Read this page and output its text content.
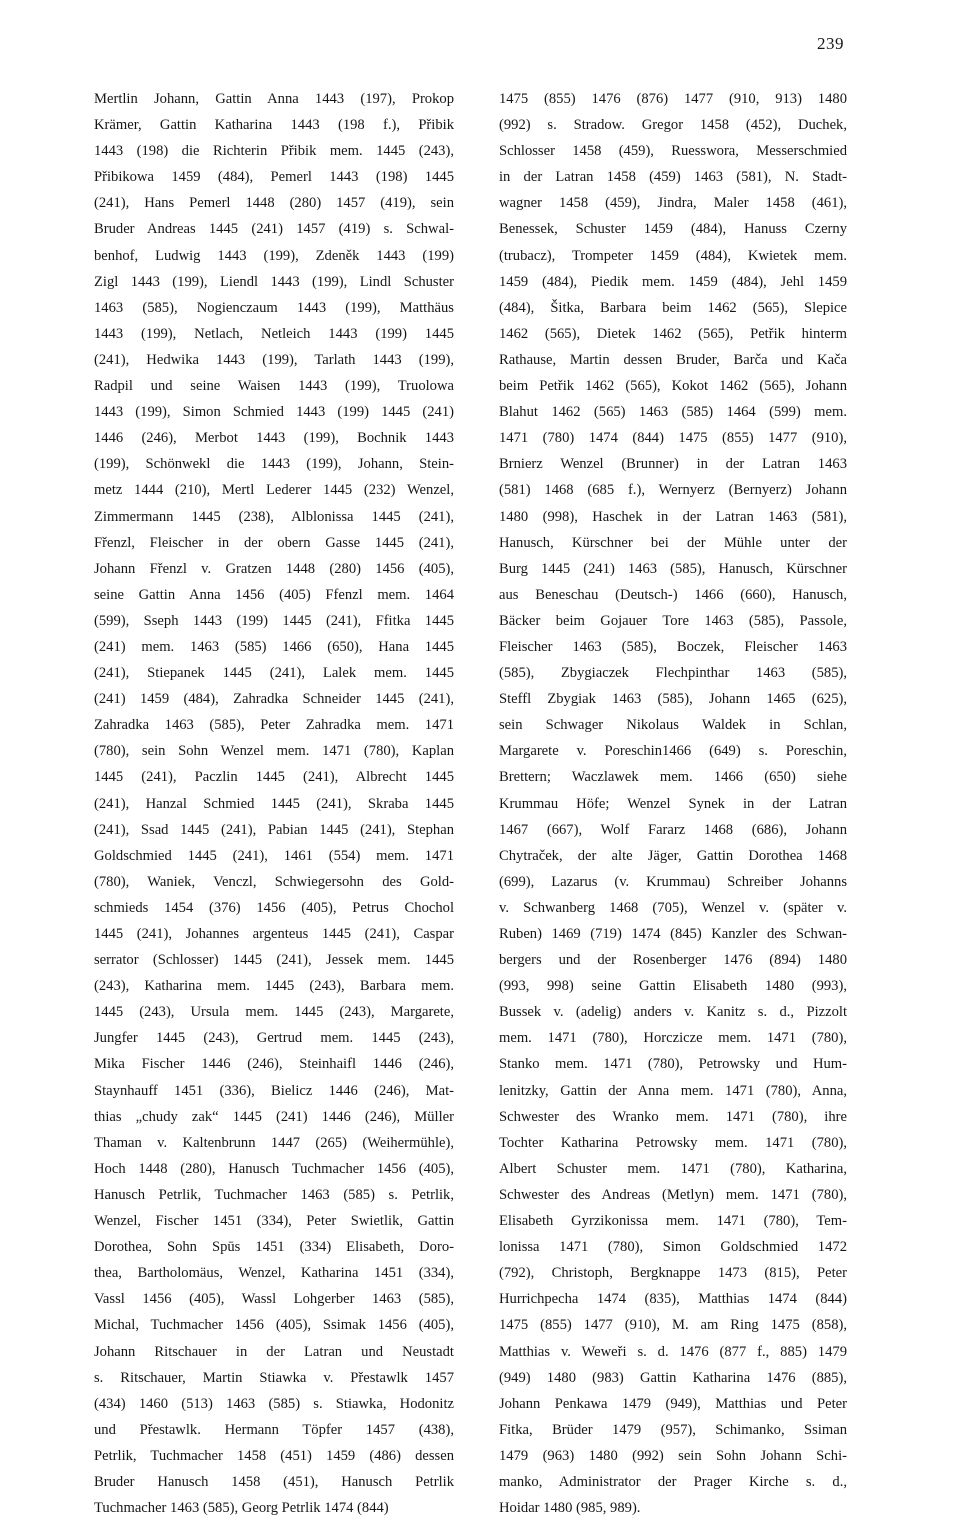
239
Mertlin Johann, Gattin Anna 1443 (197), Prokop
Krämer, Gattin Katharina 1443 (198 f.), Přibik
1443 (198) die Richterin Přibik mem. 1445 (243),
Přibikowa 1459 (484), Pemerl 1443 (198) 1445
(241), Hans Pemerl 1448 (280) 1457 (419), sein
Bruder Andreas 1445 (241) 1457 (419) s. Schwal-
benhof, Ludwig 1443 (199), Zdeněk 1443 (199)
Zigl 1443 (199), Liendl 1443 (199), Lindl Schuster
1463 (585), Nogienczaum 1443 (199), Matthäus
1443 (199), Netlach, Netleich 1443 (199) 1445
(241), Hedwika 1443 (199), Tarlath 1443 (199),
Radpil und seine Waisen 1443 (199), Truolowa
1443 (199), Simon Schmied 1443 (199) 1445 (241)
1446 (246), Merbot 1443 (199), Bochnik 1443
(199), Schönwekl die 1443 (199), Johann, Stein-
metz 1444 (210), Mertl Lederer 1445 (232) Wenzel,
Zimmermann 1445 (238), Alblonissa 1445 (241),
Fřenzl, Fleischer in der obern Gasse 1445 (241),
Johann Fřenzl v. Gratzen 1448 (280) 1456 (405),
seine Gattin Anna 1456 (405) Ffenzl mem. 1464
(599), Sseph 1443 (199) 1445 (241), Ffitka 1445
(241) mem. 1463 (585) 1466 (650), Hana 1445
(241), Stiepanek 1445 (241), Lalek mem. 1445
(241) 1459 (484), Zahradka Schneider 1445 (241),
Zahradka 1463 (585), Peter Zahradka mem. 1471
(780), sein Sohn Wenzel mem. 1471 (780), Kaplan
1445 (241), Paczlin 1445 (241), Albrecht 1445
(241), Hanzal Schmied 1445 (241), Skraba 1445
(241), Ssad 1445 (241), Pabian 1445 (241), Stephan
Goldschmied 1445 (241), 1461 (554) mem. 1471
(780), Waniek, Venczl, Schwiegersohn des Gold-
schmieds 1454 (376) 1456 (405), Petrus Chochol
1445 (241), Johannes argenteus 1445 (241), Caspar
serrator (Schlosser) 1445 (241), Jessek mem. 1445
(243), Katharina mem. 1445 (243), Barbara mem.
1445 (243), Ursula mem. 1445 (243), Margarete,
Jungfer 1445 (243), Gertrud mem. 1445 (243),
Mika Fischer 1446 (246), Steinhaifl 1446 (246),
Staynhauff 1451 (336), Bielicz 1446 (246), Mat-
thias „chudy zak“ 1445 (241) 1446 (246), Müller
Thaman v. Kaltenbrunn 1447 (265) (Weihermühle),
Hoch 1448 (280), Hanusch Tuchmacher 1456 (405),
Hanusch Petrlik, Tuchmacher 1463 (585) s. Petrlik,
Wenzel, Fischer 1451 (334), Peter Swietlik, Gattin
Dorothea, Sohn Spūs 1451 (334) Elisabeth, Doro-
thea, Bartholomäus, Wenzel, Katharina 1451 (334),
Vassl 1456 (405), Wassl Lohgerber 1463 (585),
Michal, Tuchmacher 1456 (405), Ssimak 1456 (405),
Johann Ritschauer in der Latran und Neustadt
s. Ritschauer, Martin Stiawka v. Přestawlk 1457
(434) 1460 (513) 1463 (585) s. Stiawka, Hodonitz
und Přestawlk. Hermann Töpfer 1457 (438),
Petrlik, Tuchmacher 1458 (451) 1459 (486) dessen
Bruder Hanusch 1458 (451), Hanusch Petrlik
Tuchmacher 1463 (585), Georg Petrlik 1474 (844)
1475 (855) 1476 (876) 1477 (910, 913) 1480
(992) s. Stradow. Gregor 1458 (452), Duchek,
Schlosser 1458 (459), Ruesswora, Messerschmied
in der Latran 1458 (459) 1463 (581), N. Stadt-
wagner 1458 (459), Jindra, Maler 1458 (461),
Benessek, Schuster 1459 (484), Hanuss Czerny
(trubacz), Trompeter 1459 (484), Kwietek mem.
1459 (484), Piedik mem. 1459 (484), Jehl 1459
(484), Šitka, Barbara beim 1462 (565), Slepice
1462 (565), Dietek 1462 (565), Petřik hinterm
Rathause, Martin dessen Bruder, Barča und Kača
beim Petřik 1462 (565), Kokot 1462 (565), Johann
Blahut 1462 (565) 1463 (585) 1464 (599) mem.
1471 (780) 1474 (844) 1475 (855) 1477 (910),
Brnierz Wenzel (Brunner) in der Latran 1463
(581) 1468 (685 f.), Wernyerz (Bernyerz) Johann
1480 (998), Haschek in der Latran 1463 (581),
Hanusch, Kürschner bei der Mühle unter der
Burg 1445 (241) 1463 (585), Hanusch, Kürschner
aus Beneschau (Deutsch-) 1466 (660), Hanusch,
Bäcker beim Gojauer Tore 1463 (585), Passole,
Fleischer 1463 (585), Boczek, Fleischer 1463
(585), Zbygiaczek Flechpinthar 1463 (585),
Steffl Zbygiak 1463 (585), Johann 1465 (625),
sein Schwager Nikolaus Waldek in Schlan,
Margarete v. Poreschin1466 (649) s. Poreschin,
Brettern; Waczlawek mem. 1466 (650) siehe
Krummau Höfe; Wenzel Synek in der Latran
1467 (667), Wolf Fararz 1468 (686), Johann
Chytraček, der alte Jäger, Gattin Dorothea 1468
(699), Lazarus (v. Krummau) Schreiber Johanns
v. Schwanberg 1468 (705), Wenzel v. (später v.
Ruben) 1469 (719) 1474 (845) Kanzler des Schwan-
bergers und der Rosenberger 1476 (894) 1480
(993, 998) seine Gattin Elisabeth 1480 (993),
Bussek v. (adelig) anders v. Kanitz s. d., Pizzolt
mem. 1471 (780), Horczicze mem. 1471 (780),
Stanko mem. 1471 (780), Petrowsky und Hum-
lenitzky, Gattin der Anna mem. 1471 (780), Anna,
Schwester des Wranko mem. 1471 (780), ihre
Tochter Katharina Petrowsky mem. 1471 (780),
Albert Schuster mem. 1471 (780), Katharina,
Schwester des Andreas (Metlyn) mem. 1471 (780),
Elisabeth Gyrzikonissa mem. 1471 (780), Tem-
lonissa 1471 (780), Simon Goldschmied 1472
(792), Christoph, Bergknappe 1473 (815), Peter
Hurrichpecha 1474 (835), Matthias 1474 (844)
1475 (855) 1477 (910), M. am Ring 1475 (858),
Matthias v. Weweři s. d. 1476 (877 f., 885) 1479
(949) 1480 (983) Gattin Katharina 1476 (885),
Johann Penkawa 1479 (949), Matthias und Peter
Fitka, Brüder 1479 (957), Schimanko, Ssiman
1479 (963) 1480 (992) sein Sohn Johann Schi-
manko, Administrator der Prager Kirche s. d.,
Hoidar 1480 (985, 989).
